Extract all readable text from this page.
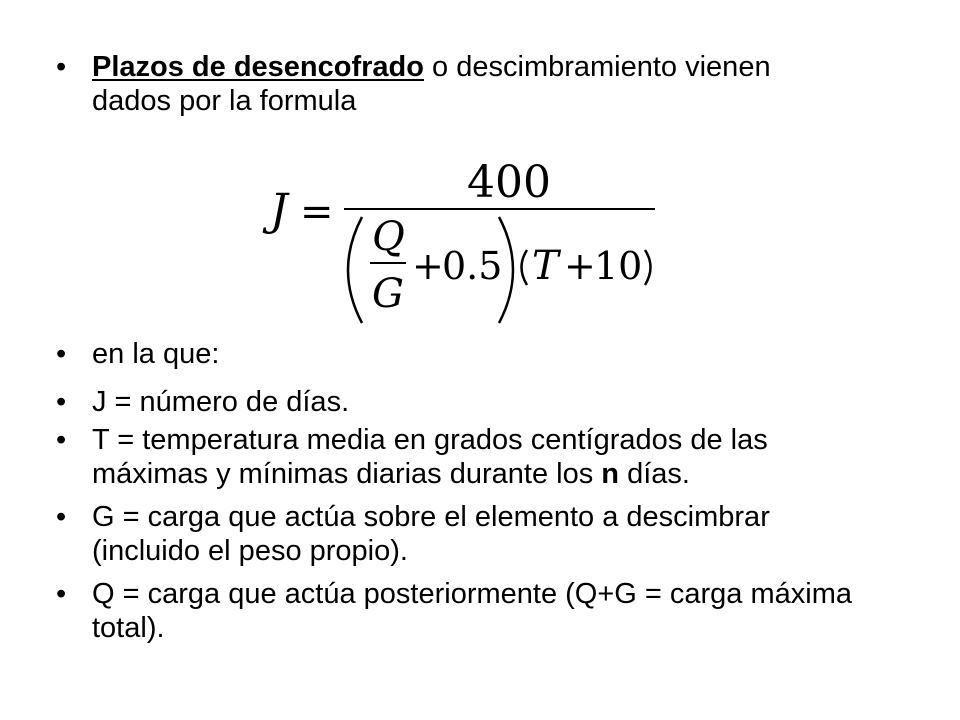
• Plazos de desencofrado o descimbramiento vienen dados por la formula
J =
400
Q
G
+
0.5 T +
10
• en la que:
• J = número de días.
• T = temperatura media en grados centígrados de las máximas y mínimas diarias durante los n días.
• G = carga que actúa sobre el elemento a descimbrar (incluido el peso propio).
• Q = carga que actúa posteriormente (Q+G = carga máxima total).
